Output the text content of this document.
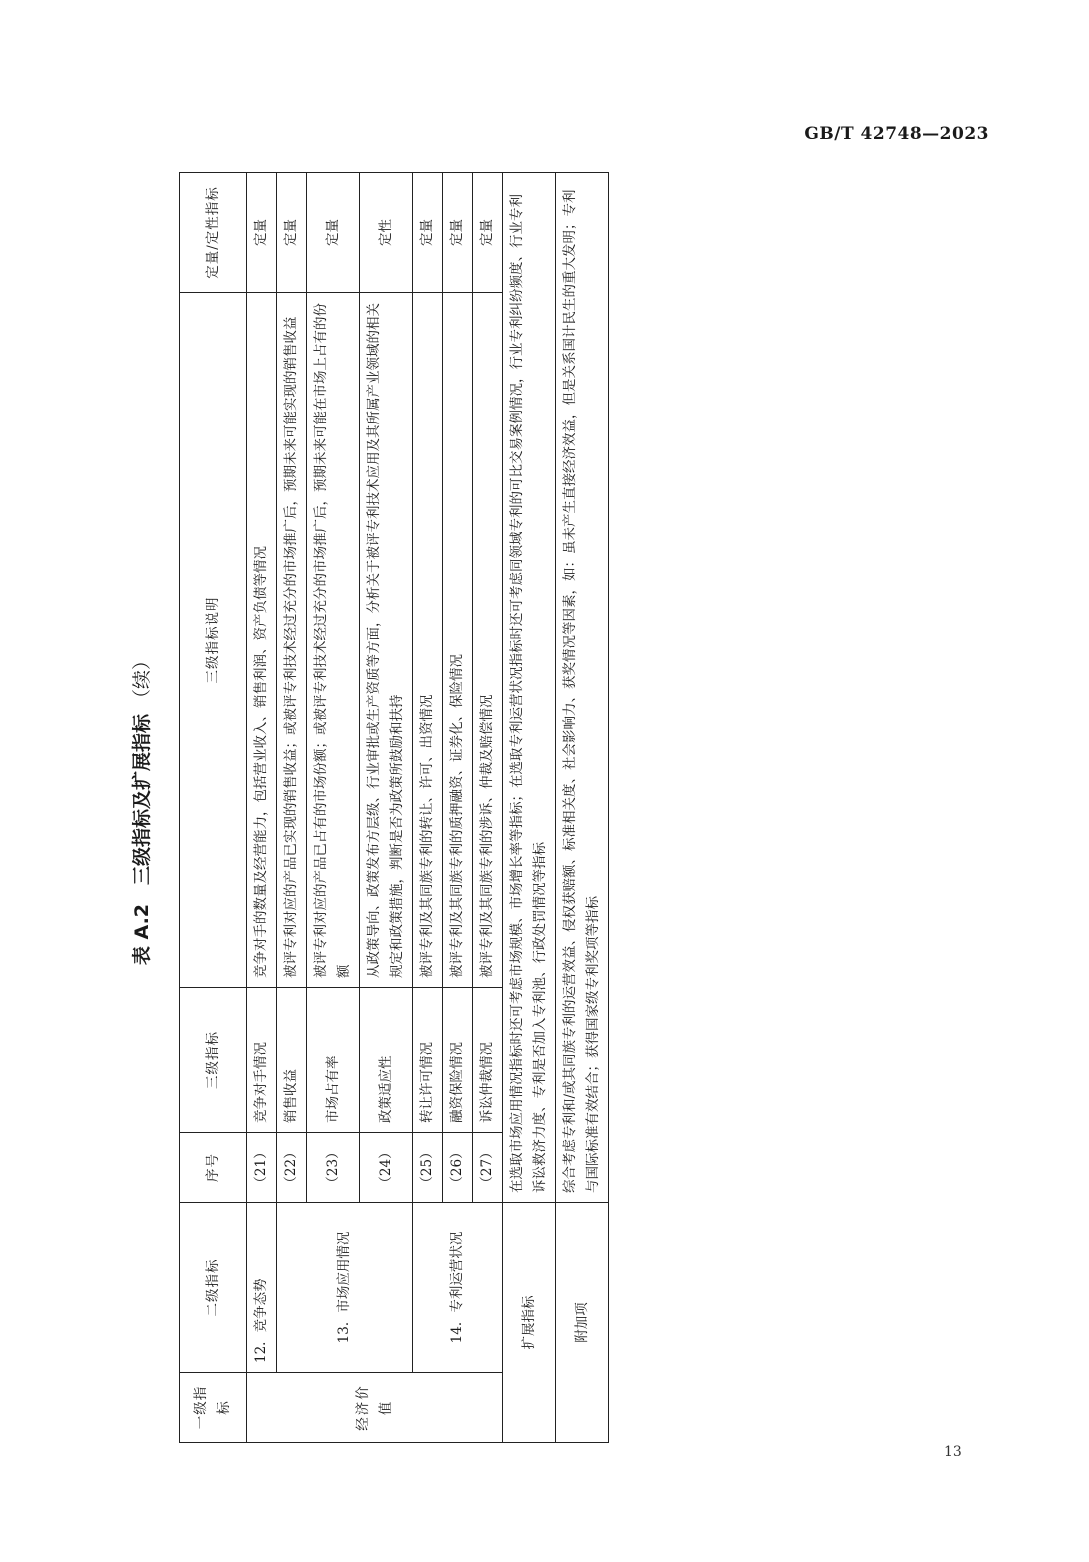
GB/T 42748—2023
表 A.2　三级指标及扩展指标（续）
一级指标	二级指标	序号	三级指标	三级指标说明	定量/定性指标
经济价值	12．竞争态势	（21）	竞争对手情况	竞争对手的数量及经营能力，包括营业收入、销售利润、资产负债等情况	定量
	13．市场应用情况	（22）	销售收益	被评专利对应的产品已实现的销售收益；或被评专利技术经过充分的市场推广后，预期未来可能实现的销售收益	定量
		（23）	市场占有率	被评专利对应的产品已占有的市场份额；或被评专利技术经过充分的市场推广后，预期未来可能在市场上占有的份额	定量
		（24）	政策适应性	从政策导向、政策发布方层级、行业审批或生产资质等方面，分析关于被评专利技术应用及其所属产业领域的相关规定和政策措施，判断是否为政策所鼓励和扶持	定性
	14．专利运营状况	（25）	转让许可情况	被评专利及其同族专利的转让、许可、出资情况	定量
		（26）	融资保险情况	被评专利及其同族专利的质押融资、证券化、保险情况	定量
		（27）	诉讼仲裁情况	被评专利及其同族专利的涉诉、仲裁及赔偿情况	定量
扩展指标		在选取市场应用情况指标时还可考虑市场规模、市场增长率等指标；在选取专利运营状况指标时还可考虑同领域专利的可比交易案例情况，行业专利纠纷频度、行业专利诉讼救济力度、专利是否加入专利池、行政处罚情况等指标			
附加项		综合考虑专利和/或其同族专利的运营效益、侵权获赔额、标准相关度、社会影响力、获奖情况等因素，如：虽未产生直接经济效益，但是关系国计民生的重大发明；专利与国际标准有效结合；获得国家级专利奖项等指标			
13
